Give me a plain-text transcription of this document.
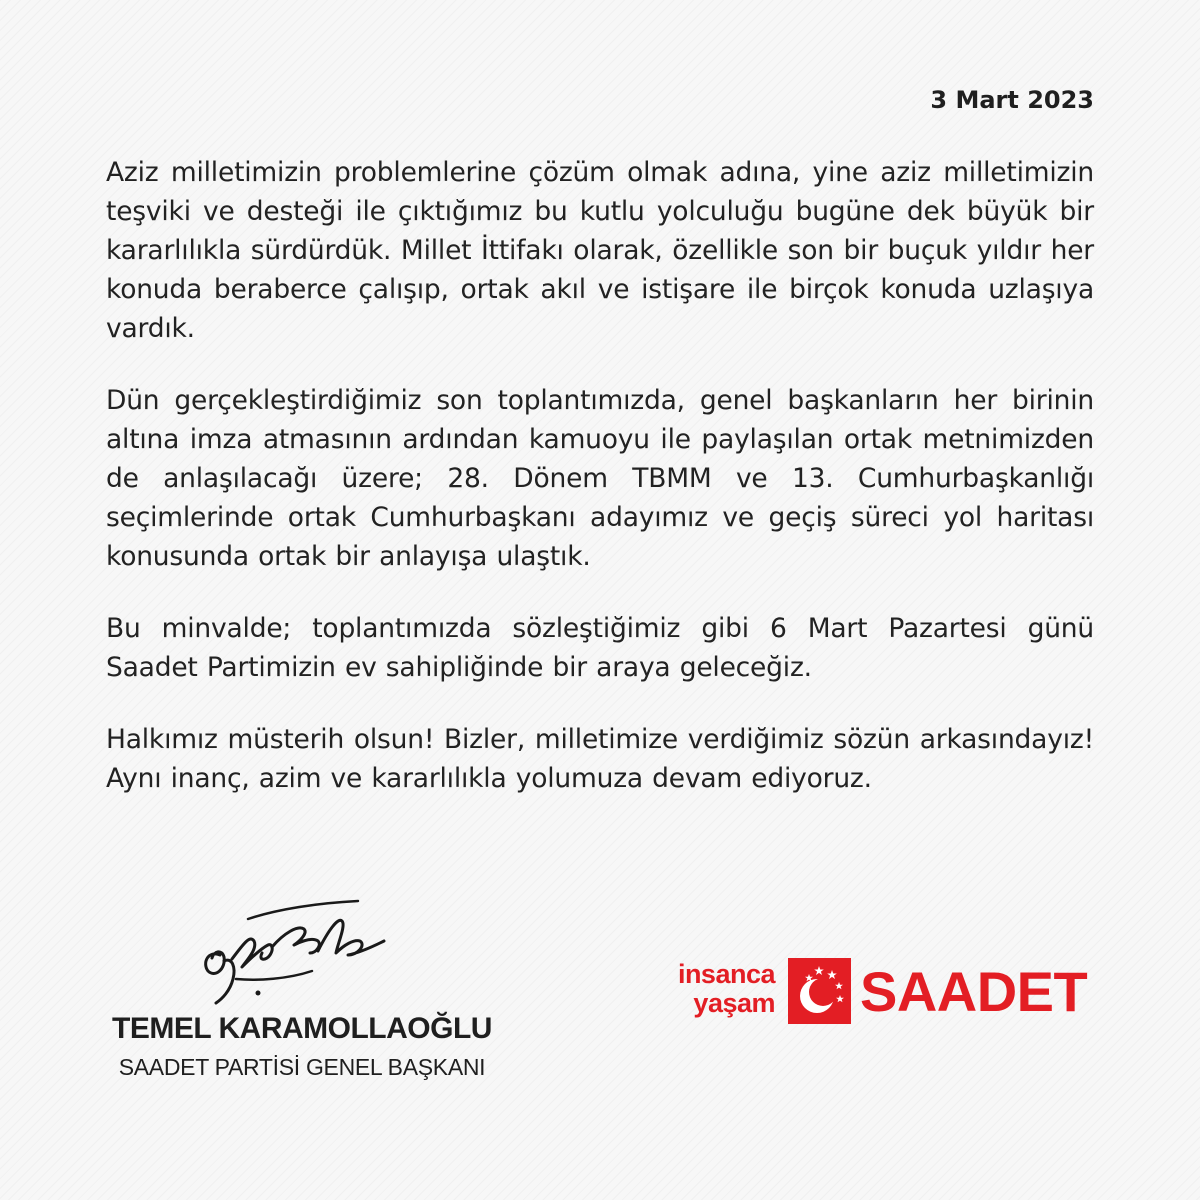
3 Mart 2023

Aziz milletimizin problemlerine çözüm olmak adına, yine aziz milletimizin teşviki ve desteği ile çıktığımız bu kutlu yolculuğu bugüne dek büyük bir kararlılıkla sürdürdük. Millet İttifakı olarak, özellikle son bir buçuk yıldır her konuda beraberce çalışıp, ortak akıl ve istişare ile birçok konuda uzlaşıya vardık.

Dün gerçekleştirdiğimiz son toplantımızda, genel başkanların her birinin altına imza atmasının ardından kamuoyu ile paylaşılan ortak metnimizden de anlaşılacağı üzere; 28. Dönem TBMM ve 13. Cumhurbaşkanlığı seçimlerinde ortak Cumhurbaşkanı adayımız ve geçiş süreci yol haritası konusunda ortak bir anlayışa ulaştık.

Bu minvalde; toplantımızda sözleştiğimiz gibi 6 Mart Pazartesi günü Saadet Partimizin ev sahipliğinde bir araya geleceğiz.

Halkımız müsterih olsun! Bizler, milletimize verdiğimiz sözün arkasındayız! Aynı inanç, azim ve kararlılıkla yolumuza devam ediyoruz.

TEMEL KARAMOLLAOĞLU
SAADET PARTİSİ GENEL BAŞKANI
insanca
yaşam SAADET
